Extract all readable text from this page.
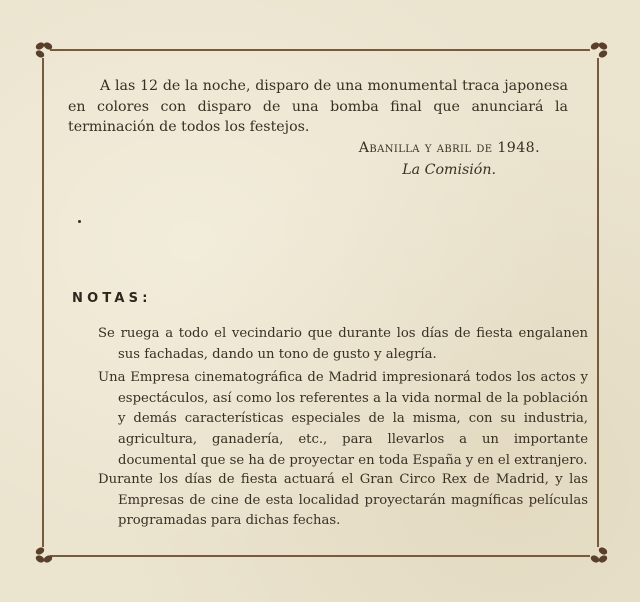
A las 12 de la noche, disparo de una monumental traca japonesa en colores con disparo de una bomba final que anunciará la terminación de todos los festejos.
Abanilla y abril de 1948.
La Comisión.
NOTAS:
Se ruega a todo el vecindario que durante los días de fiesta engalanen sus fachadas, dando un tono de gusto y alegría.
Una Empresa cinematográfica de Madrid impresionará todos los actos y espectáculos, así como los referentes a la vida normal de la población y demás características especiales de la misma, con su industria, agricultura, ganadería, etc., para llevarlos a un importante documental que se ha de proyectar en toda España y en el extranjero.
Durante los días de fiesta actuará el Gran Circo Rex de Madrid, y las Empresas de cine de esta localidad proyectarán magníficas películas programadas para dichas fechas.
